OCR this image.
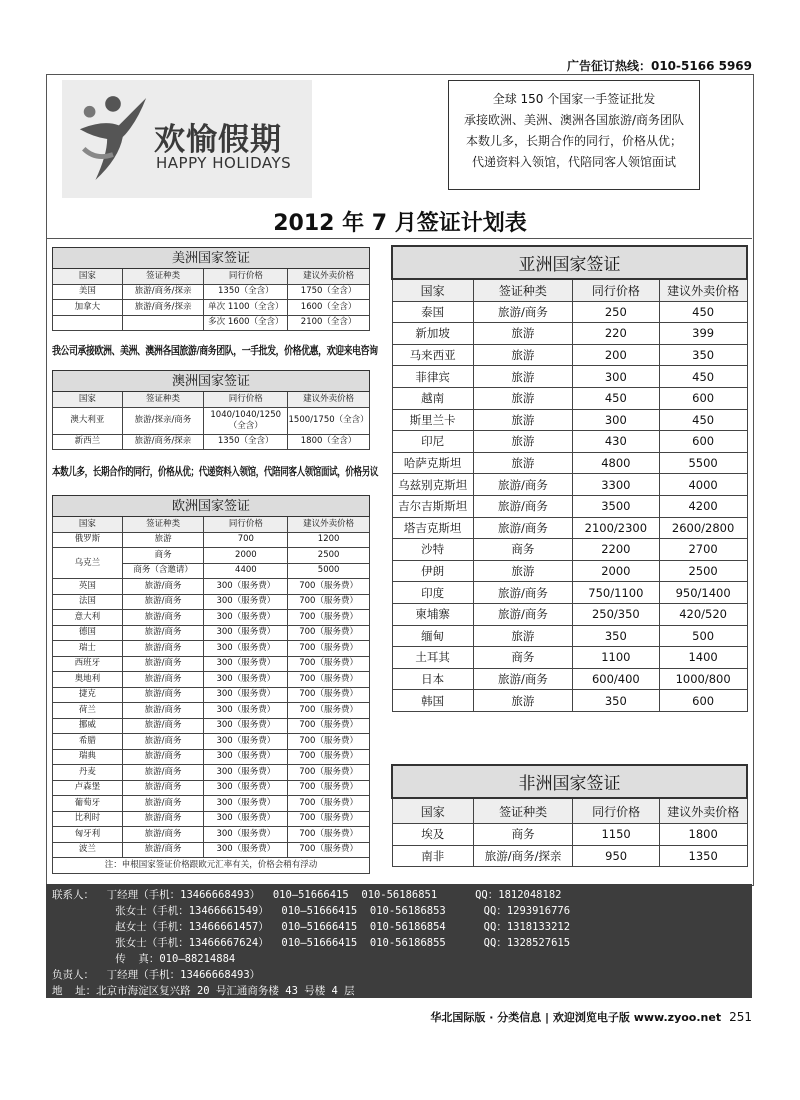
广告征订热线：010-5166 5969
欢愉假期
HAPPY HOLIDAYS
全球 150 个国家一手签证批发
承接欧洲、美洲、澳洲各国旅游/商务团队
本数儿多，长期合作的同行，价格从优；
代递资料入领馆，代陪同客人领馆面试
2012 年 7 月签证计划表
美洲国家签证			
国家	签证种类	同行价格	建议外卖价格
美国	旅游/商务/探亲	1350（全含）	1750（全含）
加拿大	旅游/商务/探亲	单次 1100（全含）	1600（全含）
		多次 1600（全含）	2100（全含）
我公司承接欧洲、美洲、澳洲各国旅游/商务团队，一手批发，价格优惠，欢迎来电咨询
澳洲国家签证			
国家	签证种类	同行价格	建议外卖价格
澳大利亚	旅游/探亲/商务	1040/1040/1250（全含）	1500/1750（全含）
新西兰	旅游/商务/探亲	1350（全含）	1800（全含）
本数儿多，长期合作的同行，价格从优；代递资料入领馆，代陪同客人领馆面试，价格另议
欧洲国家签证			
国家	签证种类	同行价格	建议外卖价格
俄罗斯	旅游	700	1200
乌克兰	商务	2000	2500
	商务（含邀请）	4400	5000
英国	旅游/商务	300（服务费）	700（服务费）
法国	旅游/商务	300（服务费）	700（服务费）
意大利	旅游/商务	300（服务费）	700（服务费）
德国	旅游/商务	300（服务费）	700（服务费）
瑞士	旅游/商务	300（服务费）	700（服务费）
西班牙	旅游/商务	300（服务费）	700（服务费）
奥地利	旅游/商务	300（服务费）	700（服务费）
捷克	旅游/商务	300（服务费）	700（服务费）
荷兰	旅游/商务	300（服务费）	700（服务费）
挪威	旅游/商务	300（服务费）	700（服务费）
希腊	旅游/商务	300（服务费）	700（服务费）
瑞典	旅游/商务	300（服务费）	700（服务费）
丹麦	旅游/商务	300（服务费）	700（服务费）
卢森堡	旅游/商务	300（服务费）	700（服务费）
葡萄牙	旅游/商务	300（服务费）	700（服务费）
比利时	旅游/商务	300（服务费）	700（服务费）
匈牙利	旅游/商务	300（服务费）	700（服务费）
波兰	旅游/商务	300（服务费）	700（服务费）
注：申根国家签证价格跟欧元汇率有关，价格会稍有浮动			
亚洲国家签证			
国家	签证种类	同行价格	建议外卖价格
泰国	旅游/商务	250	450
新加坡	旅游	220	399
马来西亚	旅游	200	350
菲律宾	旅游	300	450
越南	旅游	450	600
斯里兰卡	旅游	300	450
印尼	旅游	430	600
哈萨克斯坦	旅游	4800	5500
乌兹别克斯坦	旅游/商务	3300	4000
吉尔吉斯斯坦	旅游/商务	3500	4200
塔吉克斯坦	旅游/商务	2100/2300	2600/2800
沙特	商务	2200	2700
伊朗	旅游	2000	2500
印度	旅游/商务	750/1100	950/1400
柬埔寨	旅游/商务	250/350	420/520
缅甸	旅游	350	500
土耳其	商务	1100	1400
日本	旅游/商务	600/400	1000/800
韩国	旅游	350	600
非洲国家签证			
国家	签证种类	同行价格	建议外卖价格
埃及	商务	1150	1800
南非	旅游/商务/探亲	950	1350
联系人：  丁经理（手机：13466668493）  010—51666415  010-56186851      QQ：1812048182
张女士（手机：13466661549）  010—51666415  010-56186853      QQ：1293916776
赵女士（手机：13466661457）  010—51666415  010-56186854      QQ：1318133212
张女士（手机：13466667624）  010—51666415  010-56186855      QQ：1328527615
传  真：010—88214884
负责人：  丁经理（手机：13466668493）
地  址：北京市海淀区复兴路 20 号汇通商务楼 43 号楼 4 层
华北国际版 · 分类信息 | 欢迎浏览电子版 www.zyoo.net 251
